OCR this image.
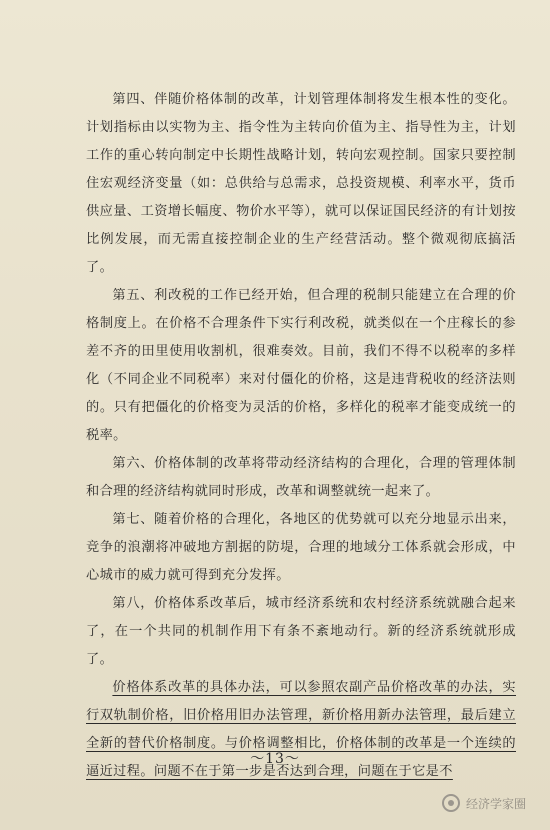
第四、伴随价格体制的改革，计划管理体制将发生根本性的变化。计划指标由以实物为主、指令性为主转向价值为主、指导性为主，计划工作的重心转向制定中长期性战略计划，转向宏观控制。国家只要控制住宏观经济变量（如：总供给与总需求，总投资规模、利率水平，货币供应量、工资增长幅度、物价水平等），就可以保证国民经济的有计划按比例发展，而无需直接控制企业的生产经营活动。整个微观彻底搞活了。

第五、利改税的工作已经开始，但合理的税制只能建立在合理的价格制度上。在价格不合理条件下实行利改税，就类似在一个庄稼长的参差不齐的田里使用收割机，很难奏效。目前，我们不得不以税率的多样化（不同企业不同税率）来对付僵化的价格，这是违背税收的经济法则的。只有把僵化的价格变为灵活的价格，多样化的税率才能变成统一的税率。

第六、价格体制的改革将带动经济结构的合理化，合理的管理体制和合理的经济结构就同时形成，改革和调整就统一起来了。

第七、随着价格的合理化，各地区的优势就可以充分地显示出来，竞争的浪潮将冲破地方割据的防堤，合理的地域分工体系就会形成，中心城市的威力就可得到充分发挥。

第八，价格体系改革后，城市经济系统和农村经济系统就融合起来了，在一个共同的机制作用下有条不紊地动行。新的经济系统就形成了。

价格体系改革的具体办法，可以参照农副产品价格改革的办法，实行双轨制价格，旧价格用旧办法管理，新价格用新办法管理，最后建立全新的替代价格制度。与价格调整相比，价格体制的改革是一个连续的逼近过程。问题不在于第一步是否达到合理，问题在于它是不

～13～
经济学家圈
